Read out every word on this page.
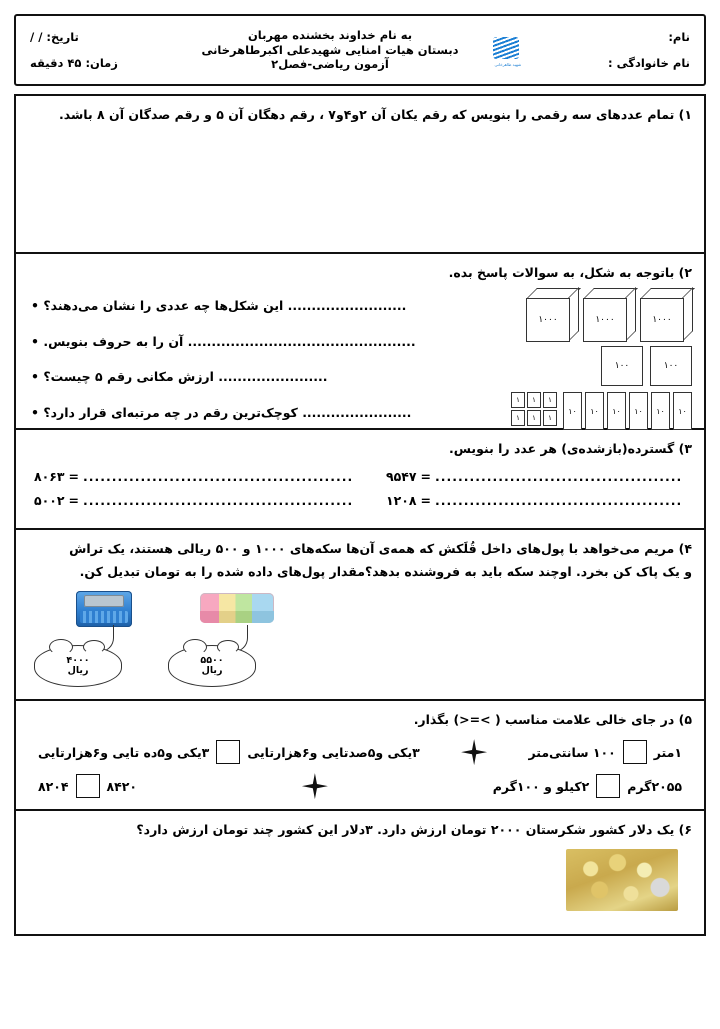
نام:
نام خانوادگی :
شهید طاهرخانی
به نام خداوند بخشنده مهربان
دبستان هیات امنایی شهیدعلی اکبرطاهرخانی
آزمون ریاضی-فصل۲
تاریخ: / /
زمان: ۴۵ دقیقه
۱) تمام عددهای سه رقمی را بنویس که رقم یکان آن ۲و۴و۷ ، رقم دهگان آن ۵ و رقم صدگان آن ۸ باشد.
۲) باتوجه به شکل، به سوالات پاسخ بده.
......................... این شکل‌ها چه عددی را نشان می‌دهند؟ •
................................................ آن را به حروف بنویس. •
....................... ارزش مکانی رقم ۵ چیست؟ •
....................... کوچک‌ترین رقم در چه مرتبه‌ای قرار دارد؟ •
۱۰۰۰
۱۰۰۰
۱۰۰۰
۱۰۰
۱۰۰
۱۰
۱۰
۱۰
۱۰
۱۰
۱۰
۱
۱
۱
۱
۱
۱
۳) گسترده(بازشده‌ی) هر عدد را بنویس.
۹۵۴۷ = ...........................................
۸۰۶۳ = ...............................................
۱۲۰۸ = ...........................................
۵۰۰۲ = ...............................................
۴) مریم می‌خواهد با پول‌های داخل قُلَکش که همه‌ی آن‌ها سکه‌های ۱۰۰۰ و ۵۰۰ ریالی هستند، یک تراش
و یک پاک کن بخرد. اوچند سکه باید به فروشنده بدهد؟مقدار پول‌های داده شده را به تومان تبدیل کن.
۴۰۰۰
ریال
۵۵۰۰
ریال
۵) در جای خالی علامت مناسب ( >=<) بگذار.
۱۰۰ سانتی‌متر	۱متر
۳یکی و۵ده تایی و۶هزارتایی	۳یکی و۵صدتایی و۶هزارتایی
۲کیلو و ۱۰۰گرم	۲۰۵۵گرم
۸۲۰۴	۸۴۲۰
۶) یک دلار کشور شکرستان ۲۰۰۰ تومان ارزش دارد. ۳دلار این کشور چند تومان ارزش دارد؟
